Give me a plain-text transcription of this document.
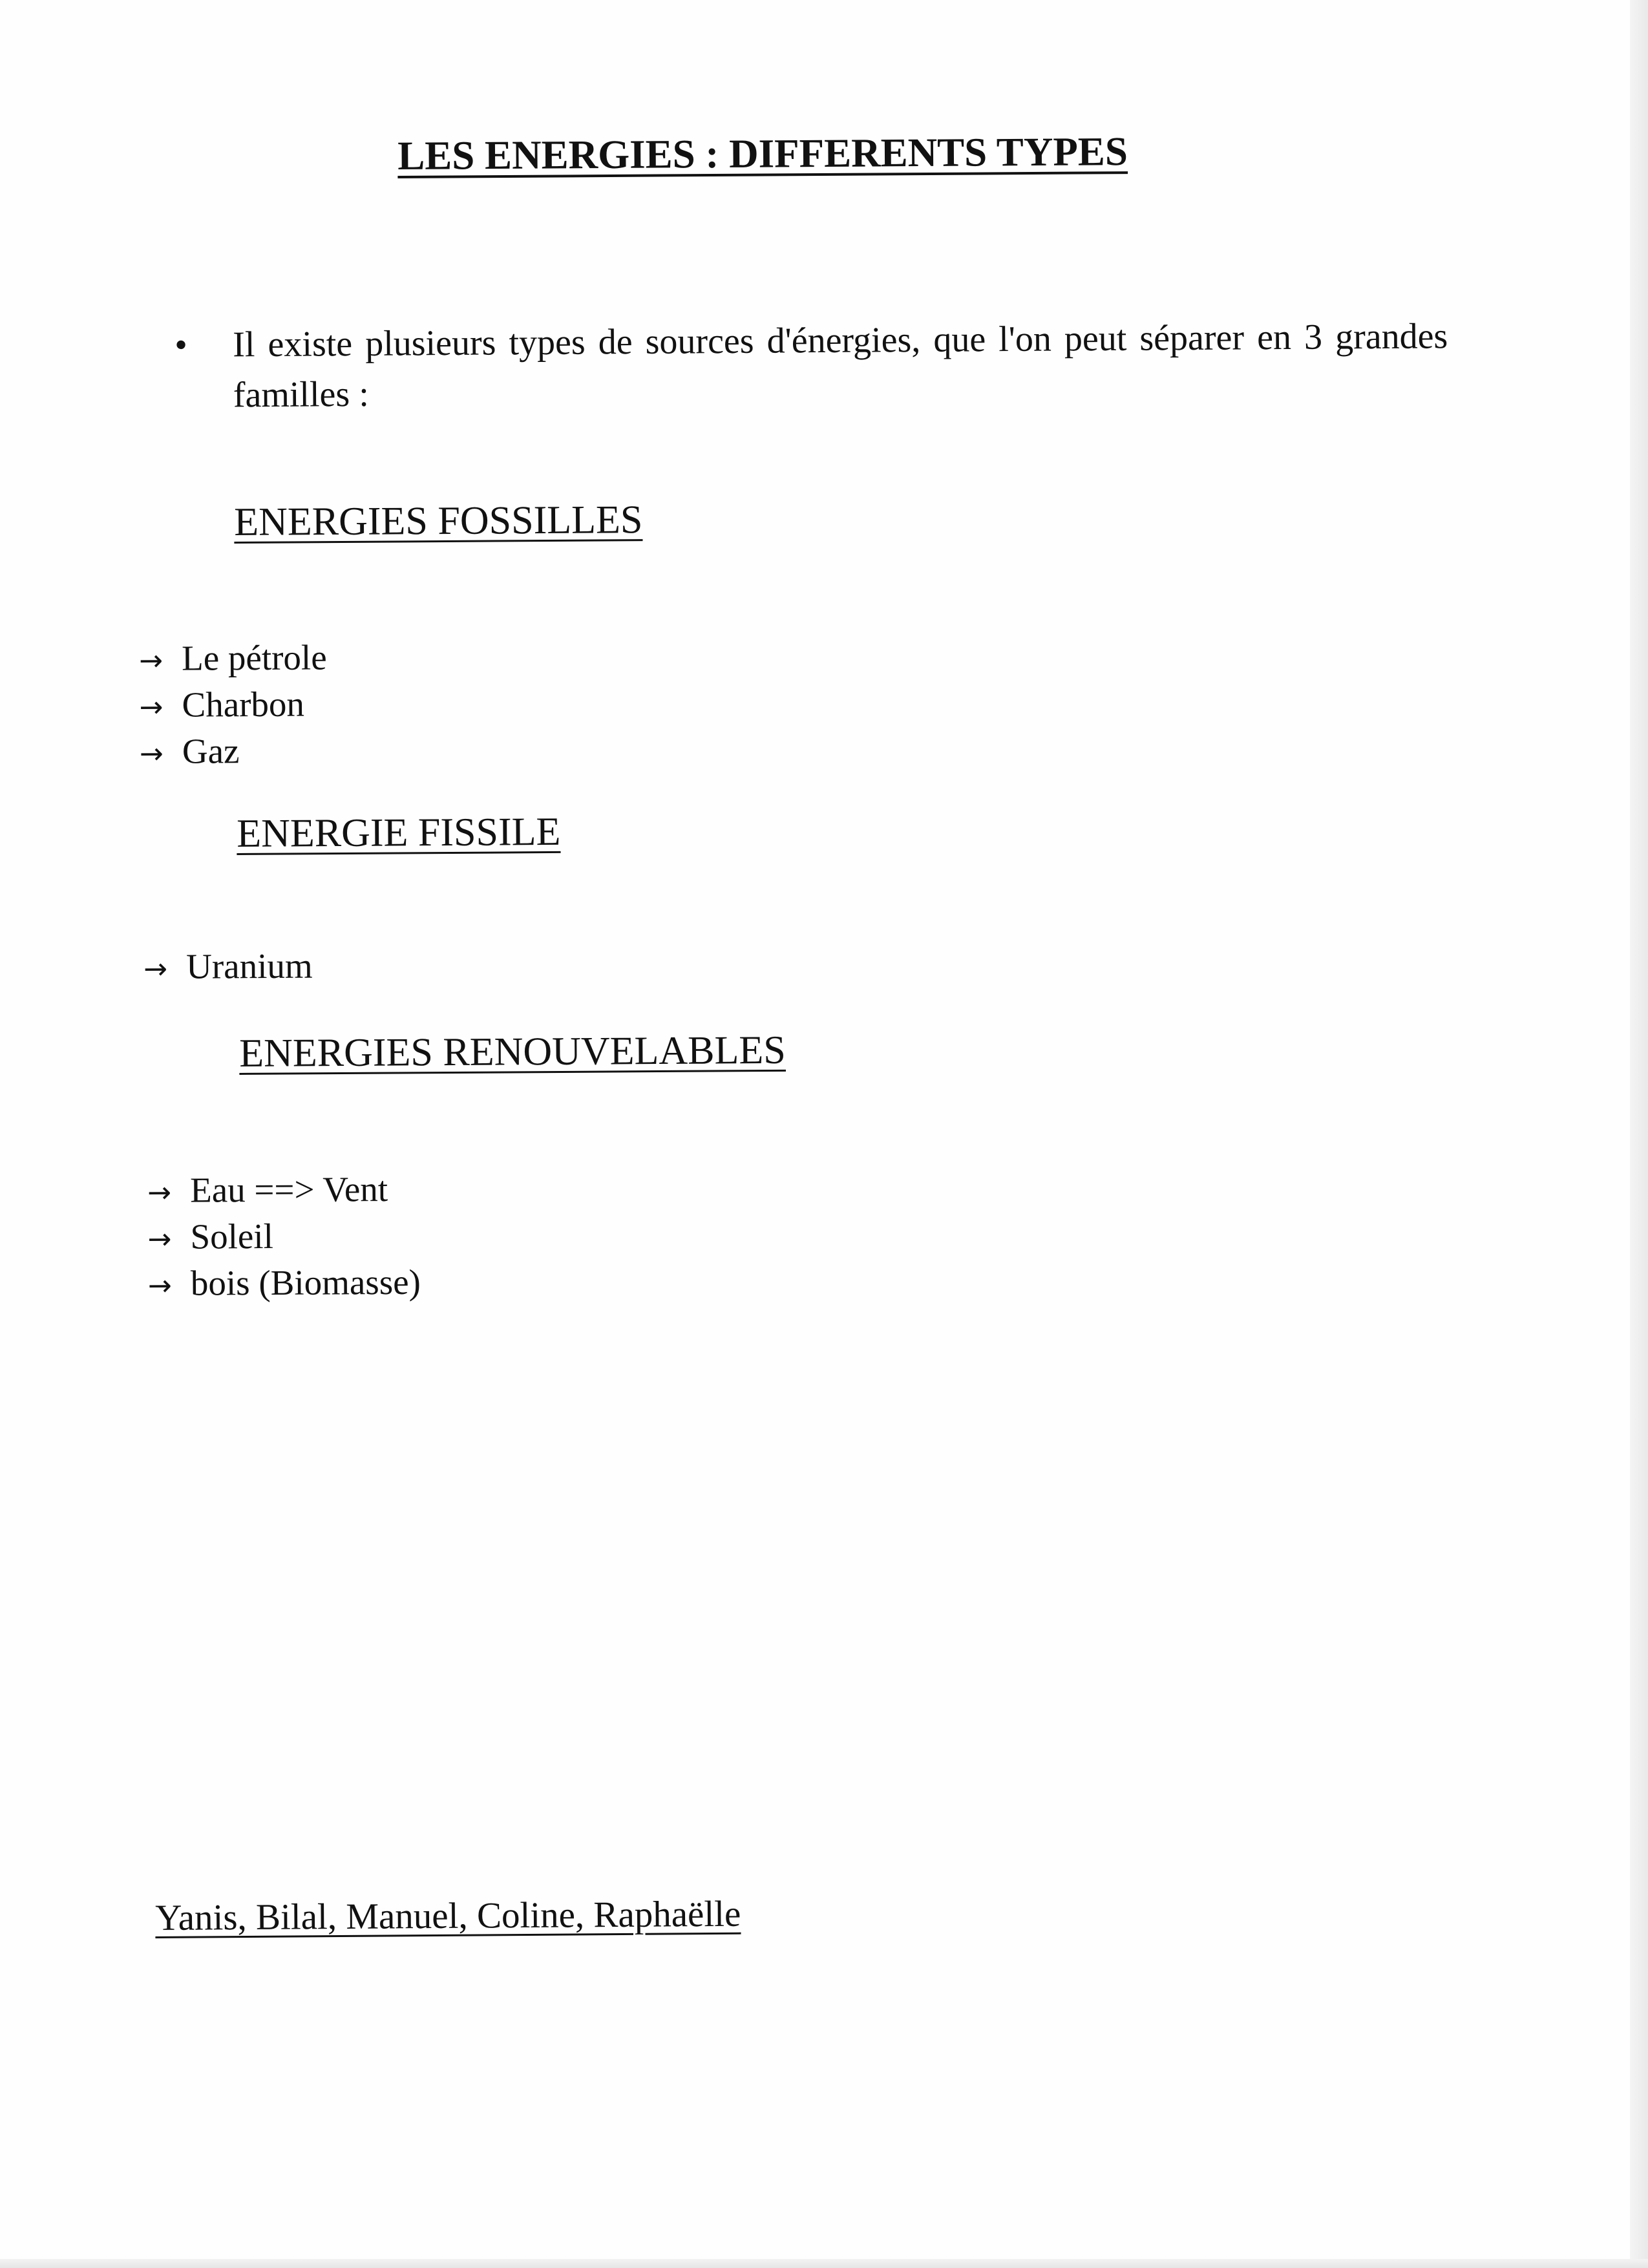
LES ENERGIES : DIFFERENTS TYPES
• Il existe plusieurs types de sources d'énergies, que l'on peut séparer en 3 grandes familles :
ENERGIES FOSSILLES
→ Le pétrole
→ Charbon
→ Gaz
ENERGIE FISSILE
→ Uranium
ENERGIES RENOUVELABLES
→ Eau ==> Vent
→ Soleil
→ bois (Biomasse)
Yanis, Bilal, Manuel, Coline, Raphaëlle
